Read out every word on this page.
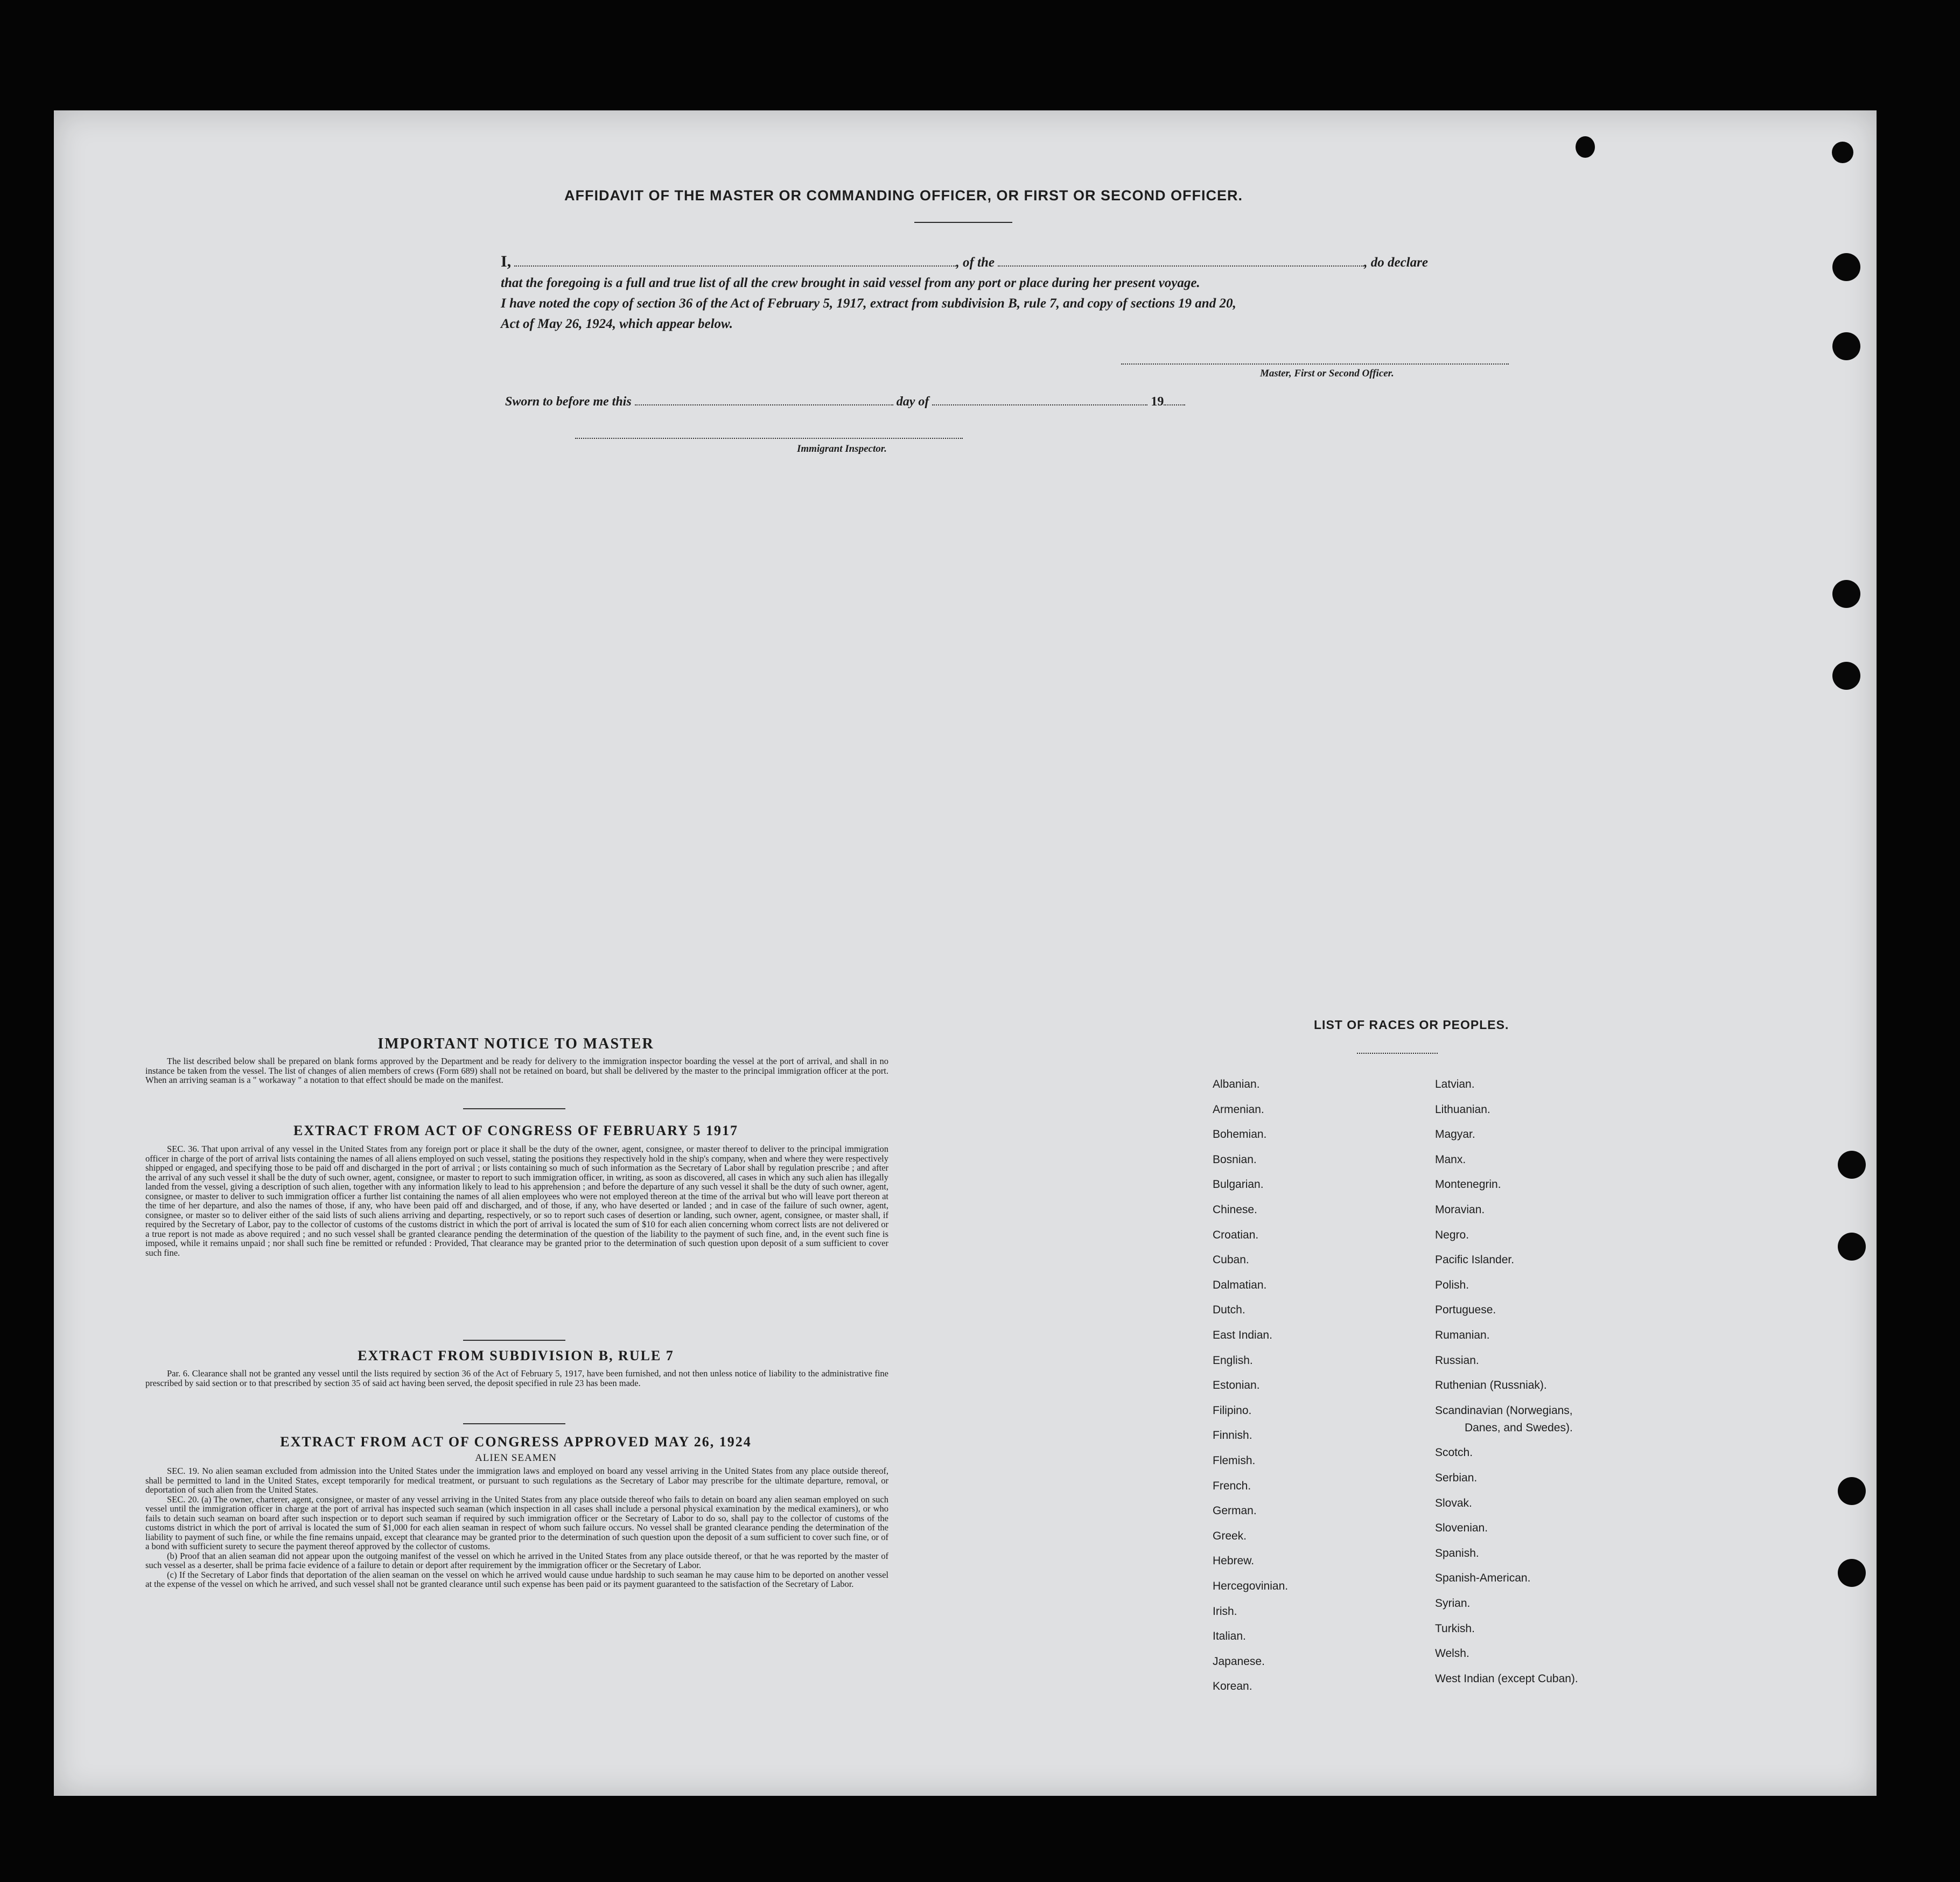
AFFIDAVIT OF THE MASTER OR COMMANDING OFFICER, OR FIRST OR SECOND OFFICER.

I,	, of the	, do declare

that the foregoing is a full and true list of all the crew brought in said vessel from any port or place during her present voyage.

I have noted the copy of section 36 of the Act of February 5, 1917, extract from subdivision B, rule 7, and copy of sections 19 and 20,

Act of May 26, 1924, which appear below.

Master, First or Second Officer.
Sworn to before me this	day of	19
Immigrant Inspector.
IMPORTANT NOTICE TO MASTER

The list described below shall be prepared on blank forms approved by the Department and be ready for delivery to the immigration inspector boarding the vessel at the port of arrival, and shall in no instance be taken from the vessel. The list of changes of alien members of crews (Form 689) shall not be retained on board, but shall be delivered by the master to the principal immigration officer at the port. When an arriving seaman is a " workaway " a notation to that effect should be made on the manifest.

EXTRACT FROM ACT OF CONGRESS OF FEBRUARY 5 1917

SEC. 36. That upon arrival of any vessel in the United States from any foreign port or place it shall be the duty of the owner, agent, consignee, or master thereof to deliver to the principal immigration officer in charge of the port of arrival lists containing the names of all aliens employed on such vessel, stating the positions they respectively hold in the ship's company, when and where they were respectively shipped or engaged, and specifying those to be paid off and discharged in the port of arrival ; or lists containing so much of such information as the Secretary of Labor shall by regulation prescribe ; and after the arrival of any such vessel it shall be the duty of such owner, agent, consignee, or master to report to such immigration officer, in writing, as soon as discovered, all cases in which any such alien has illegally landed from the vessel, giving a description of such alien, together with any information likely to lead to his apprehension ; and before the departure of any such vessel it shall be the duty of such owner, agent, consignee, or master to deliver to such immigration officer a further list containing the names of all alien employees who were not employed thereon at the time of the arrival but who will leave port thereon at the time of her departure, and also the names of those, if any, who have been paid off and discharged, and of those, if any, who have deserted or landed ; and in case of the failure of such owner, agent, consignee, or master so to deliver either of the said lists of such aliens arriving and departing, respectively, or so to report such cases of desertion or landing, such owner, agent, consignee, or master shall, if required by the Secretary of Labor, pay to the collector of customs of the customs district in which the port of arrival is located the sum of $10 for each alien concerning whom correct lists are not delivered or a true report is not made as above required ; and no such vessel shall be granted clearance pending the determination of the question of the liability to the payment of such fine, and, in the event such fine is imposed, while it remains unpaid ; nor shall such fine be remitted or refunded : Provided, That clearance may be granted prior to the determination of such question upon deposit of a sum sufficient to cover such fine.

EXTRACT FROM SUBDIVISION B, RULE 7

Par. 6. Clearance shall not be granted any vessel until the lists required by section 36 of the Act of February 5, 1917, have been furnished, and not then unless notice of liability to the administrative fine prescribed by said section or to that prescribed by section 35 of said act having been served, the deposit specified in rule 23 has been made.

EXTRACT FROM ACT OF CONGRESS APPROVED MAY 26, 1924
ALIEN SEAMEN

SEC. 19. No alien seaman excluded from admission into the United States under the immigration laws and employed on board any vessel arriving in the United States from any place outside thereof, shall be permitted to land in the United States, except temporarily for medical treatment, or pursuant to such regulations as the Secretary of Labor may prescribe for the ultimate departure, removal, or deportation of such alien from the United States.

SEC. 20. (a) The owner, charterer, agent, consignee, or master of any vessel arriving in the United States from any place outside thereof who fails to detain on board any alien seaman employed on such vessel until the immigration officer in charge at the port of arrival has inspected such seaman (which inspection in all cases shall include a personal physical examination by the medical examiners), or who fails to detain such seaman on board after such inspection or to deport such seaman if required by such immigration officer or the Secretary of Labor to do so, shall pay to the collector of customs of the customs district in which the port of arrival is located the sum of $1,000 for each alien seaman in respect of whom such failure occurs. No vessel shall be granted clearance pending the determination of the liability to payment of such fine, or while the fine remains unpaid, except that clearance may be granted prior to the determination of such question upon the deposit of a sum sufficient to cover such fine, or of a bond with sufficient surety to secure the payment thereof approved by the collector of customs.

(b) Proof that an alien seaman did not appear upon the outgoing manifest of the vessel on which he arrived in the United States from any place outside thereof, or that he was reported by the master of such vessel as a deserter, shall be prima facie evidence of a failure to detain or deport after requirement by the immigration officer or the Secretary of Labor.

(c) If the Secretary of Labor finds that deportation of the alien seaman on the vessel on which he arrived would cause undue hardship to such seaman he may cause him to be deported on another vessel at the expense of the vessel on which he arrived, and such vessel shall not be granted clearance until such expense has been paid or its payment guaranteed to the satisfaction of the Secretary of Labor.

LIST OF RACES OR PEOPLES.
Albanian.
Armenian.
Bohemian.
Bosnian.
Bulgarian.
Chinese.
Croatian.
Cuban.
Dalmatian.
Dutch.
East Indian.
English.
Estonian.
Filipino.
Finnish.
Flemish.
French.
German.
Greek.
Hebrew.
Hercegovinian.
Irish.
Italian.
Japanese.
Korean.
Latvian.
Lithuanian.
Magyar.
Manx.
Montenegrin.
Moravian.
Negro.
Pacific Islander.
Polish.
Portuguese.
Rumanian.
Russian.
Ruthenian (Russniak).
Scandinavian (Norwegians,
Danes, and Swedes).
Scotch.
Serbian.
Slovak.
Slovenian.
Spanish.
Spanish-American.
Syrian.
Turkish.
Welsh.
West Indian (except Cuban).
